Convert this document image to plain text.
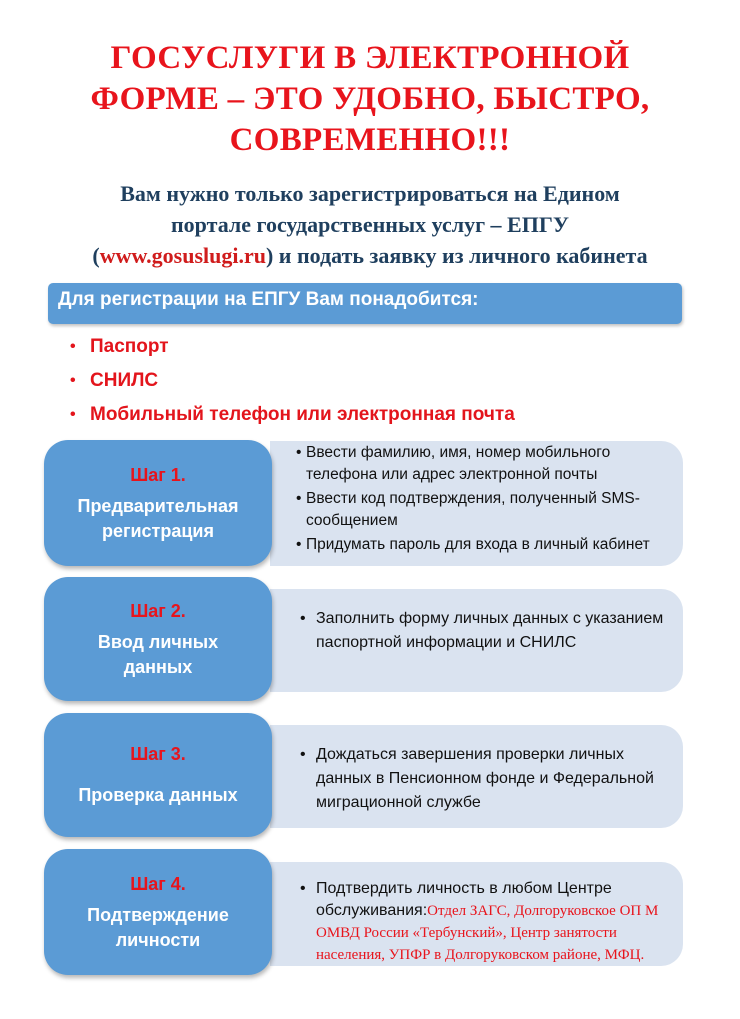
ГОСУСЛУГИ В ЭЛЕКТРОННОЙ
ФОРМЕ – ЭТО УДОБНО, БЫСТРО,
СОВРЕМЕННО!!!
Вам нужно только зарегистрироваться на Едином
портале государственных услуг – ЕПГУ
(www.gosuslugi.ru) и подать заявку из личного кабинета
Для регистрации на ЕПГУ Вам понадобится:
• Паспорт
• СНИЛС
• Мобильный телефон или электронная почта
• Ввести фамилию, имя, номер мобильного телефона или адрес электронной почты
• Ввести код подтверждения, полученный SMS-сообщением
• Придумать пароль для входа в личный кабинет
Шаг 1.
Предварительная
регистрация
• Заполнить форму личных данных с указанием паспортной информации и СНИЛС
Шаг 2.
Ввод личных
данных
• Дождаться завершения проверки личных данных в Пенсионном фонде и Федеральной миграционной службе
Шаг 3.
Проверка данных
• Подтвердить личность в любом Центре обслуживания:Отдел ЗАГС, Долгоруковское ОП М ОМВД России «Тербунский», Центр занятости населения, УПФР в Долгоруковском районе, МФЦ.
Шаг 4.
Подтверждение
личности
